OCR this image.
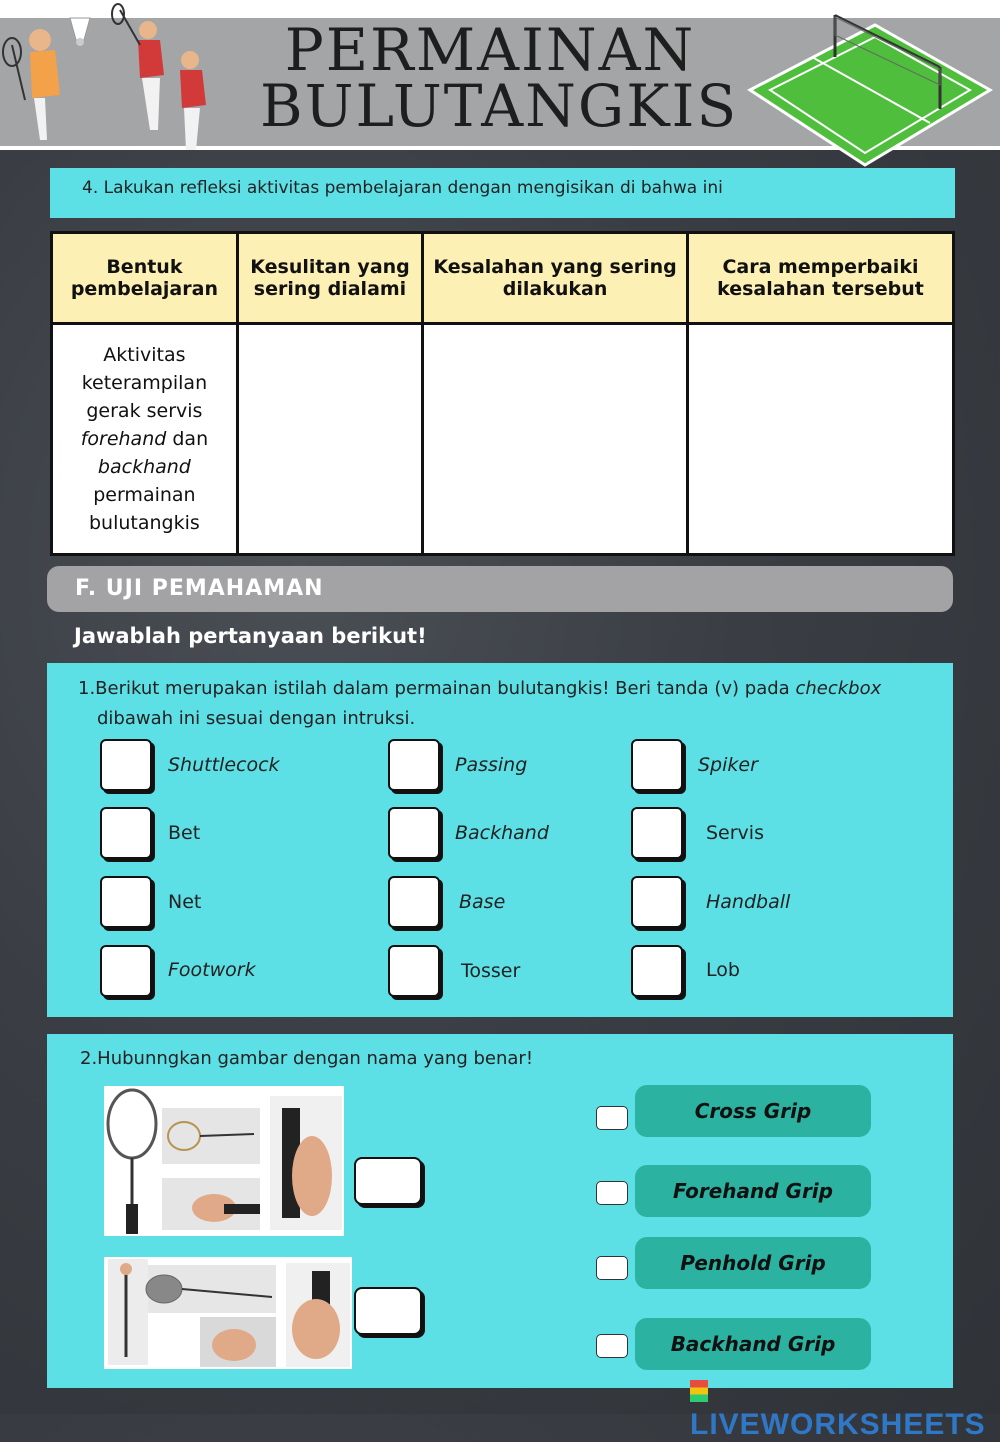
PERMAINAN
BULUTANGKIS
4. Lakukan refleksi aktivitas pembelajaran dengan mengisikan di bahwa ini
Bentuk pembelajaran	Kesulitan yang sering dialami	Kesalahan yang sering dilakukan	Cara memperbaiki kesalahan tersebut
Aktivitas keterampilan gerak servis forehand dan backhand permainan bulutangkis			
F. UJI PEMAHAMAN
Jawablah pertanyaan berikut!
1.Berikut merupakan istilah dalam permainan bulutangkis! Beri tanda (v) pada checkbox
dibawah ini sesuai dengan intruksi.
Shuttlecock	Passing	Spiker
Bet	Backhand	Servis
Net	Base	Handball
Footwork	Tosser	Lob
2.Hubunngkan gambar dengan nama yang benar!
Cross Grip
Forehand Grip
Penhold Grip
Backhand Grip
LIVEWORKSHEETS
